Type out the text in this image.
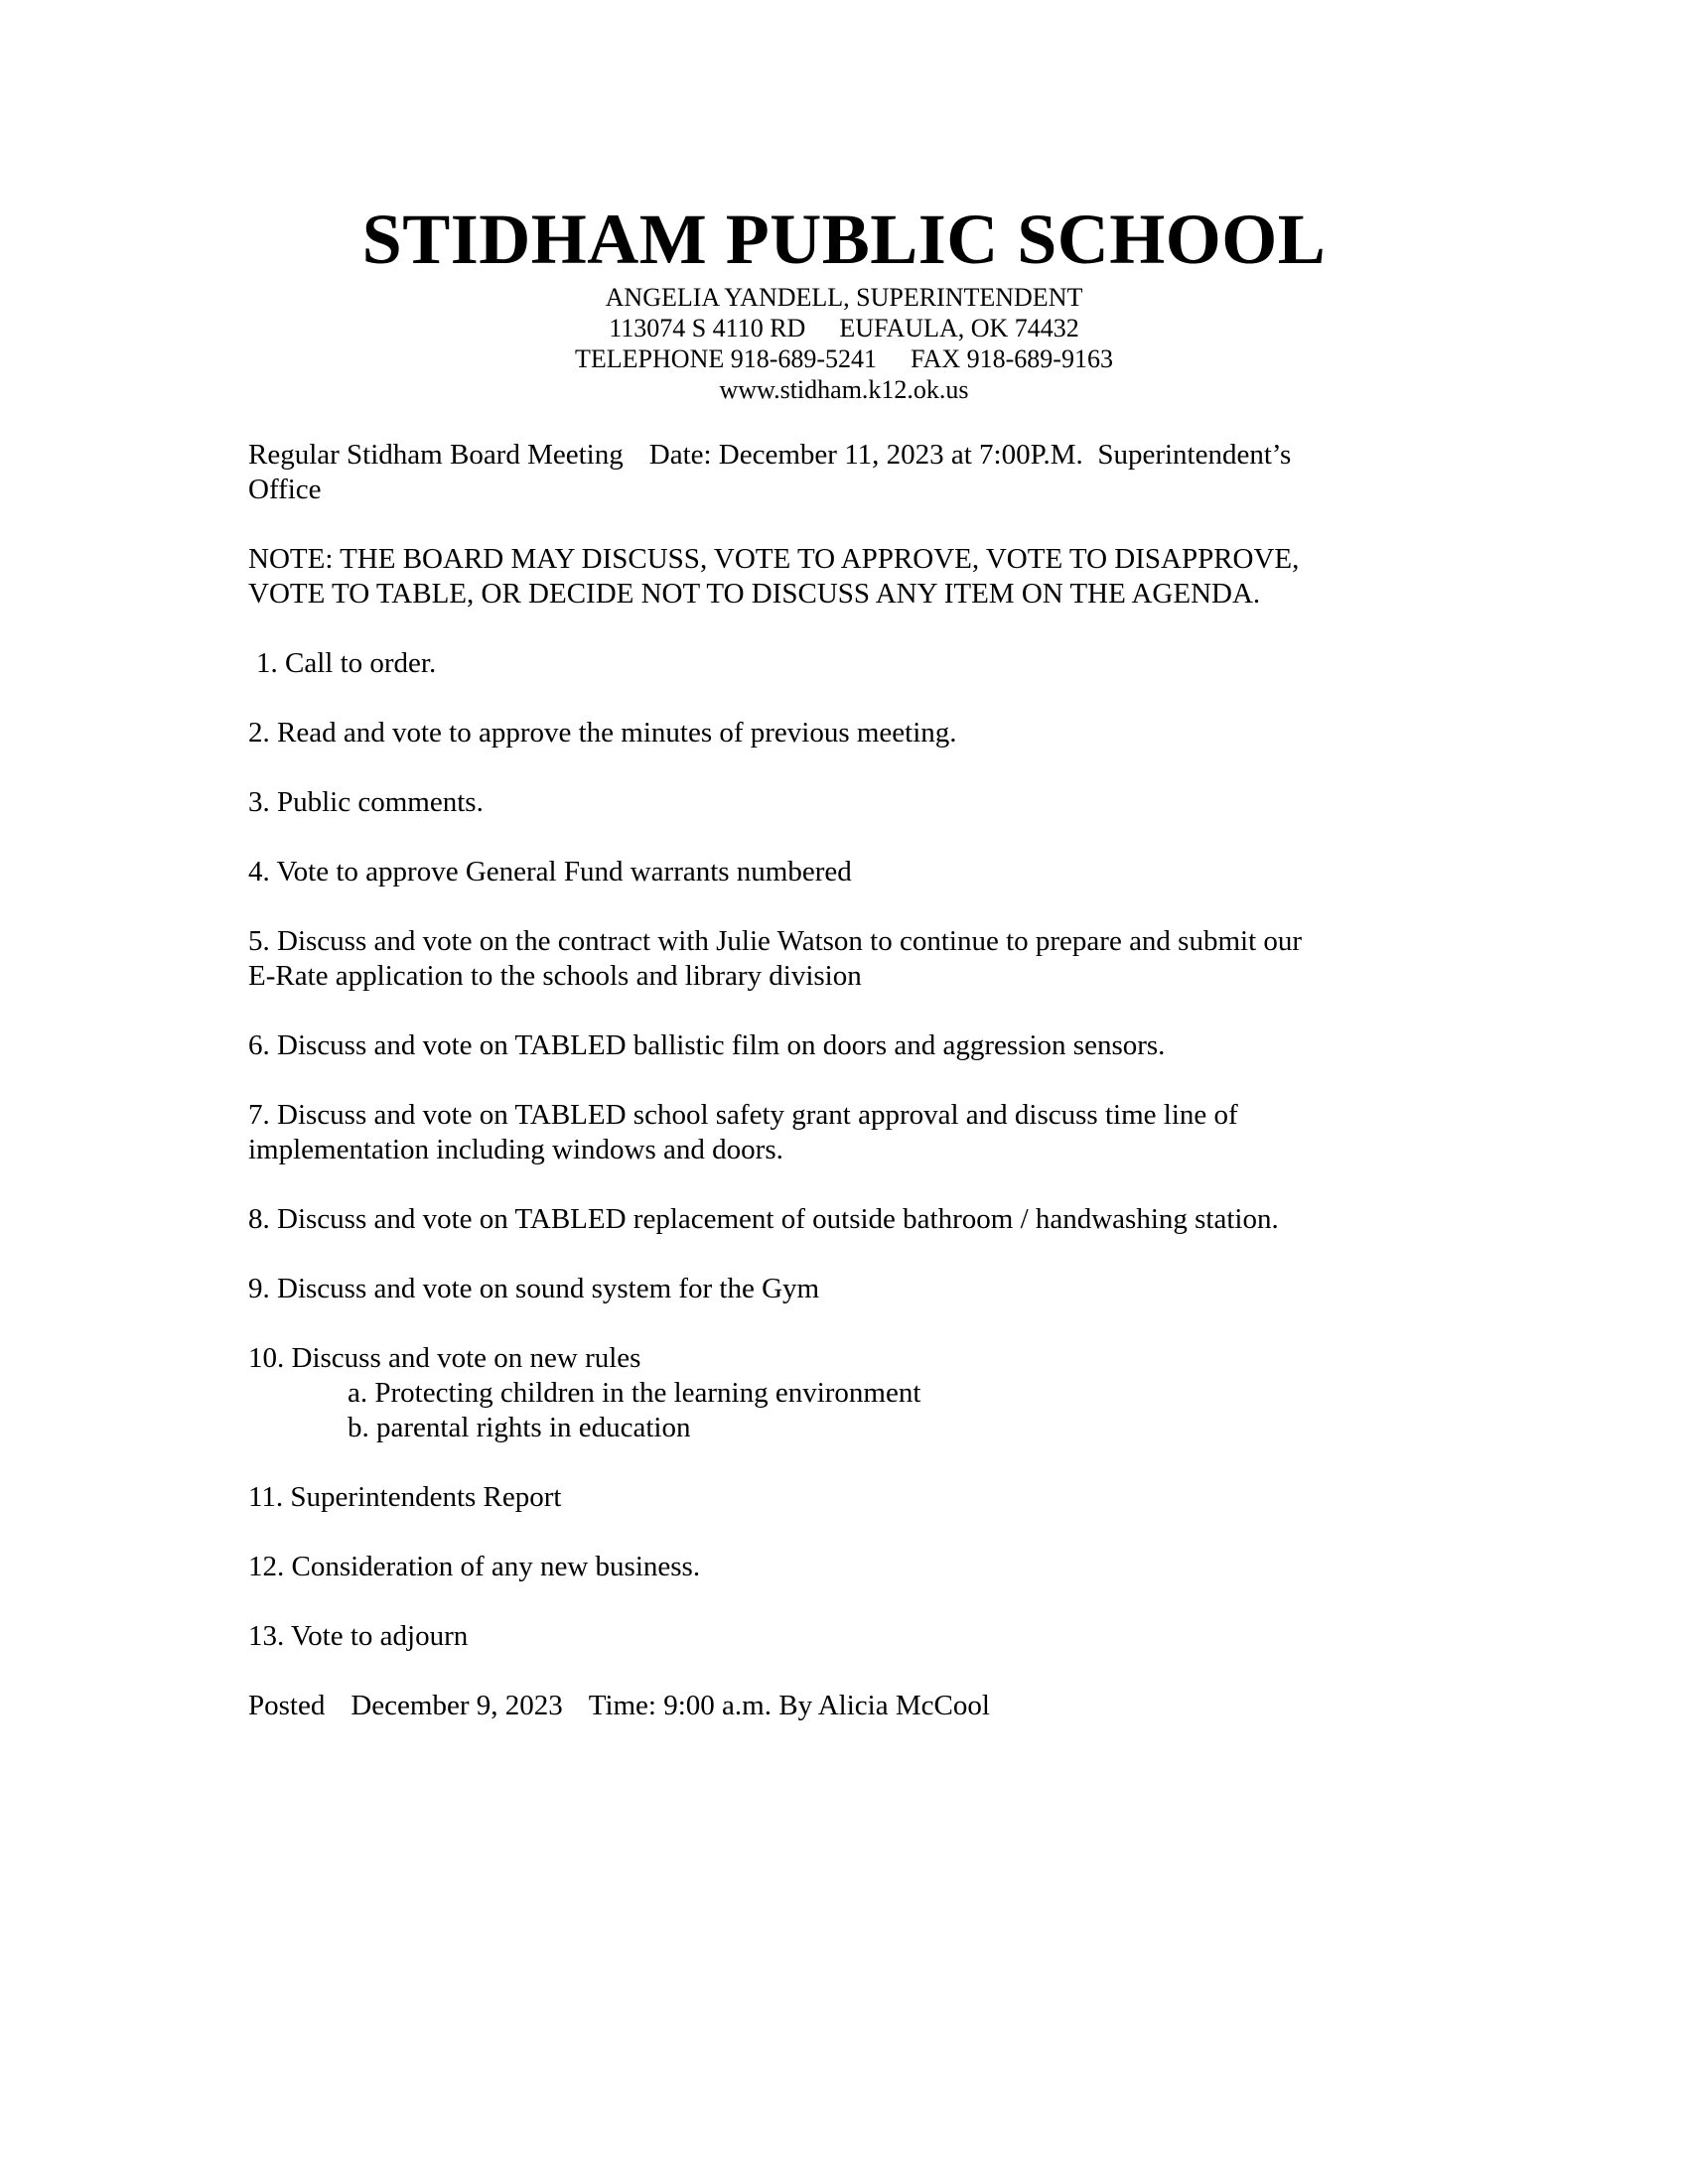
STIDHAM PUBLIC SCHOOL

ANGELIA YANDELL, SUPERINTENDENT

113074 S 4110 RD EUFAULA, OK 74432

TELEPHONE 918-689-5241 FAX 918-689-9163

www.stidham.k12.ok.us

Regular Stidham Board Meeting Date: December 11, 2023 at 7:00P.M. Superintendent’s
Office

NOTE: THE BOARD MAY DISCUSS, VOTE TO APPROVE, VOTE TO DISAPPROVE,
VOTE TO TABLE, OR DECIDE NOT TO DISCUSS ANY ITEM ON THE AGENDA.

1. Call to order.

2. Read and vote to approve the minutes of previous meeting.

3. Public comments.

4. Vote to approve General Fund warrants numbered

5. Discuss and vote on the contract with Julie Watson to continue to prepare and submit our
E-Rate application to the schools and library division

6. Discuss and vote on TABLED ballistic film on doors and aggression sensors.

7. Discuss and vote on TABLED school safety grant approval and discuss time line of
implementation including windows and doors.

8. Discuss and vote on TABLED replacement of outside bathroom / handwashing station.

9. Discuss and vote on sound system for the Gym

10. Discuss and vote on new rules
a. Protecting children in the learning environment
b. parental rights in education

11. Superintendents Report

12. Consideration of any new business.

13. Vote to adjourn

Posted December 9, 2023 Time: 9:00 a.m. By Alicia McCool
